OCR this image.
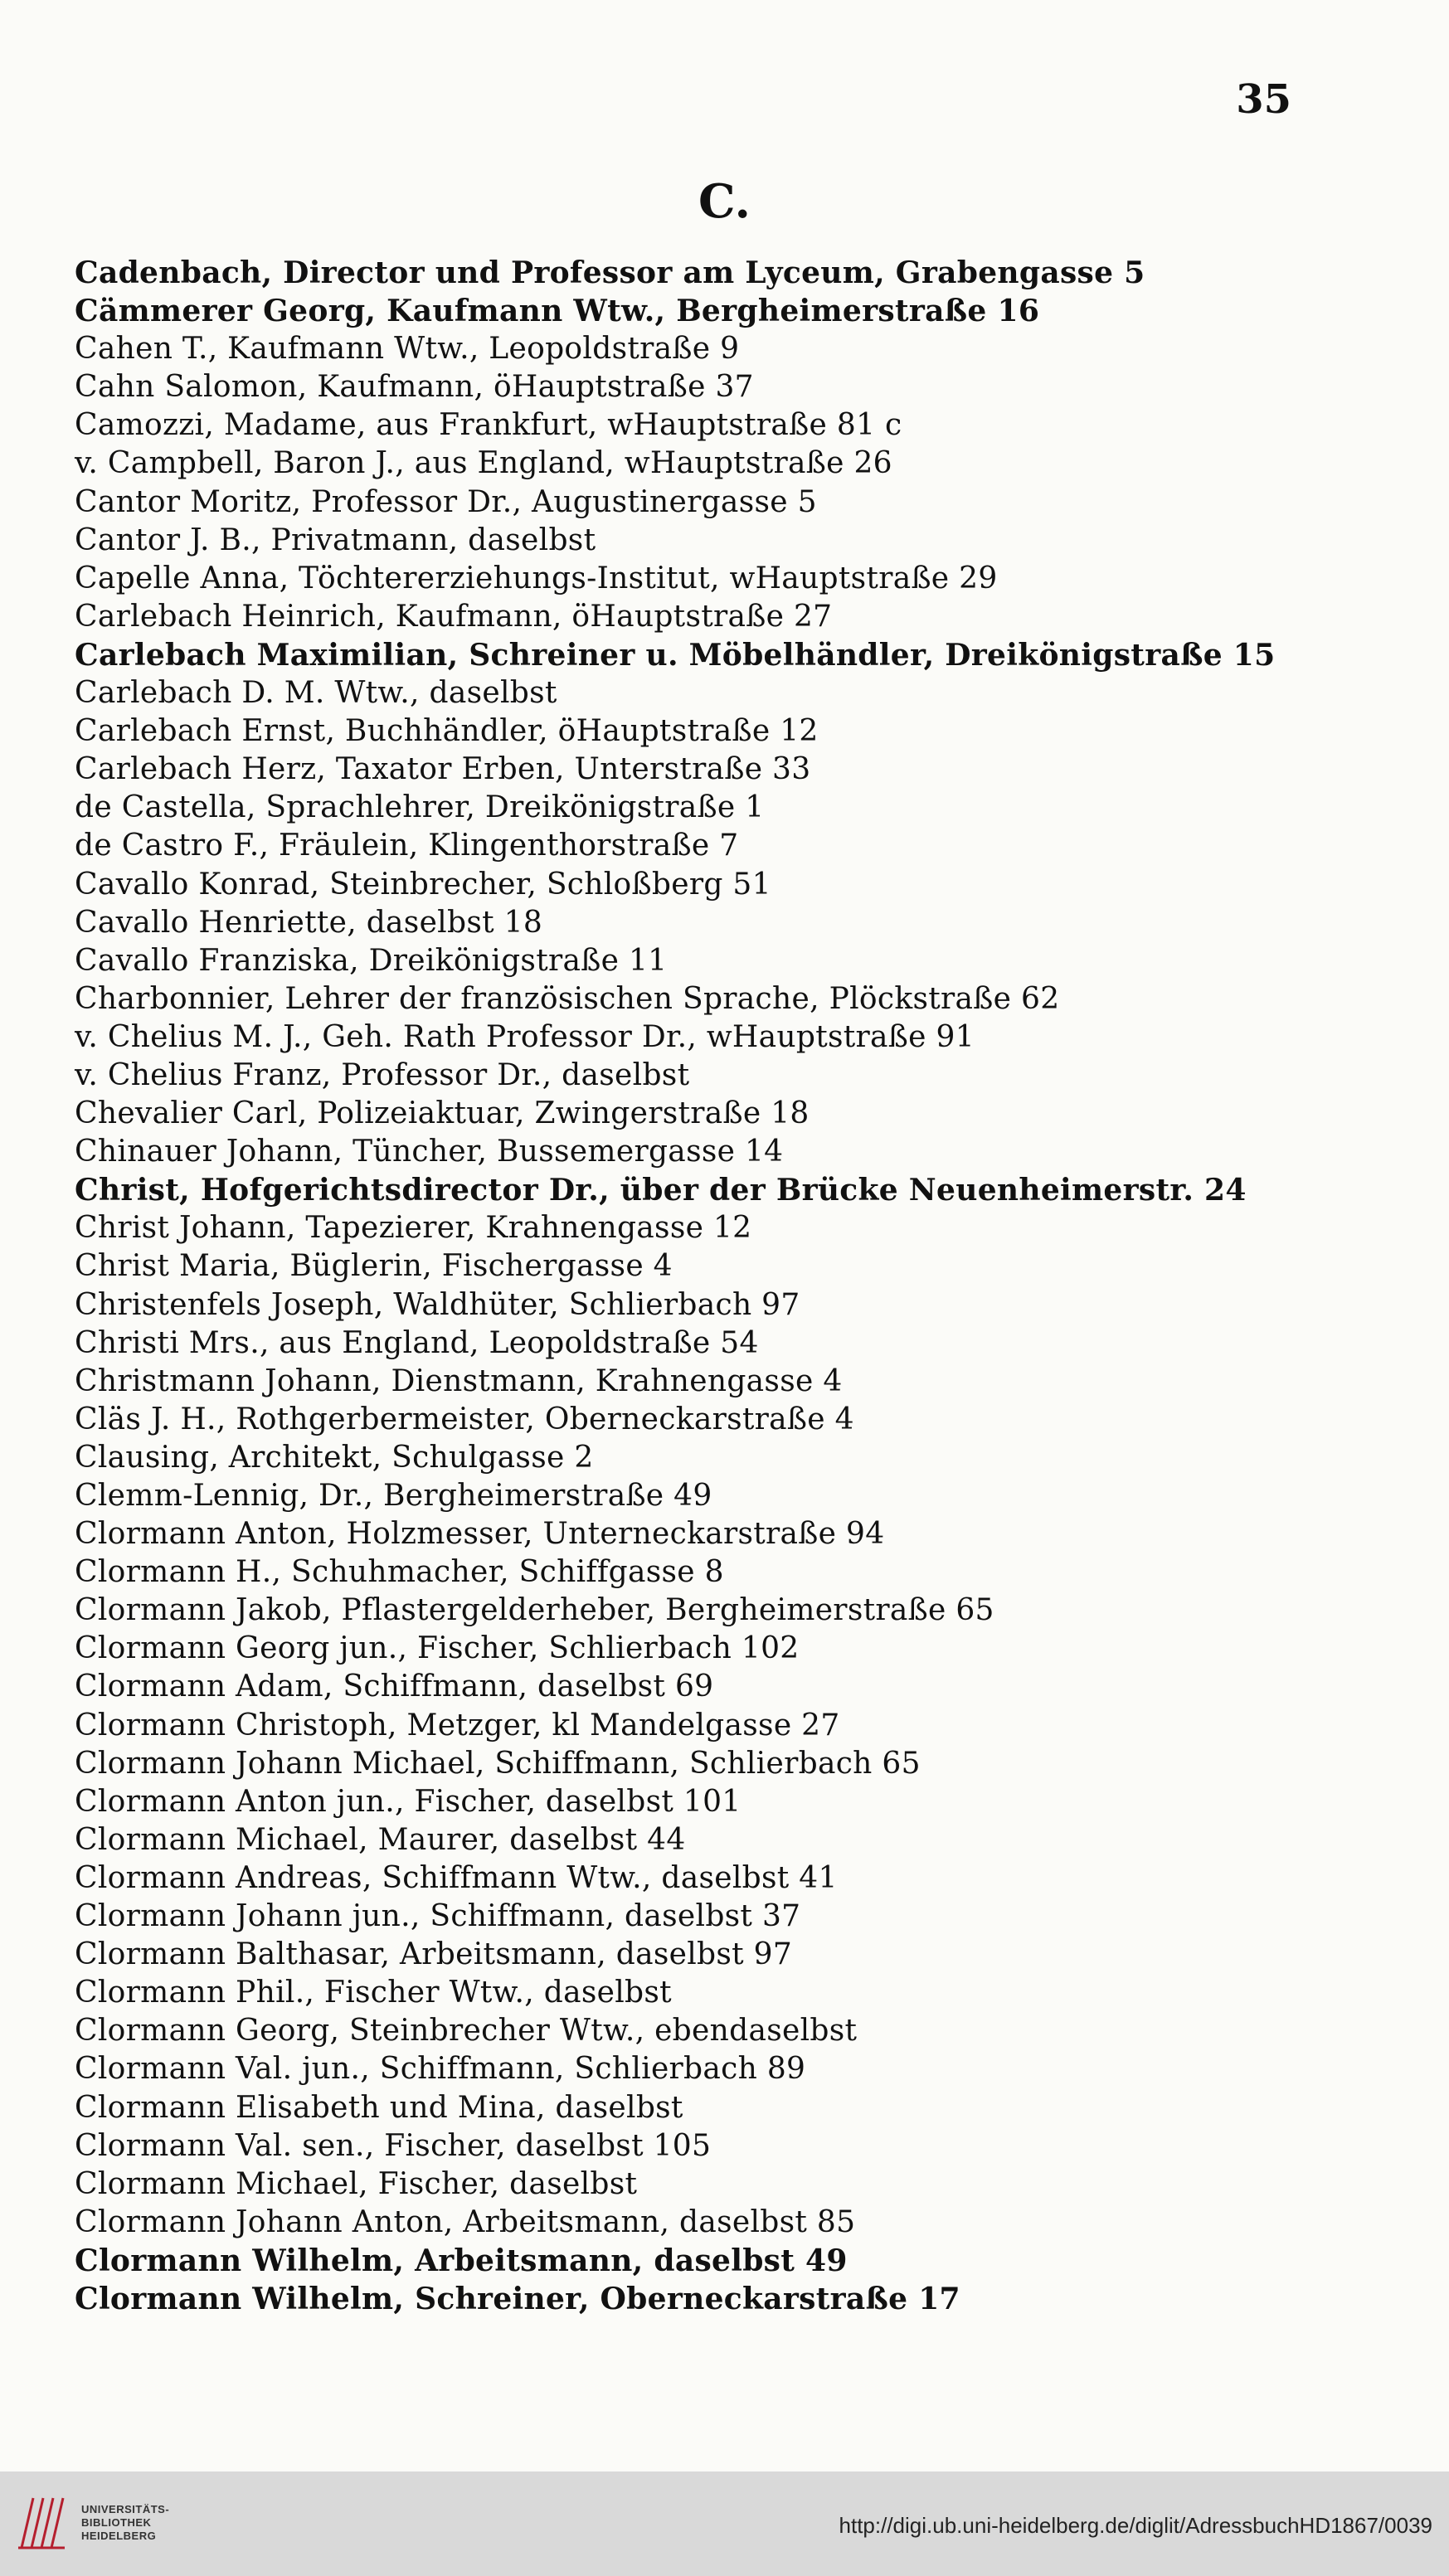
35
C.
Cadenbach, Director und Professor am Lyceum, Grabengasse 5
Cämmerer Georg, Kaufmann Wtw., Bergheimerstraße 16
Cahen T., Kaufmann Wtw., Leopoldstraße 9
Cahn Salomon, Kaufmann, öHauptstraße 37
Camozzi, Madame, aus Frankfurt, wHauptstraße 81 c
v. Campbell, Baron J., aus England, wHauptstraße 26
Cantor Moritz, Professor Dr., Augustinergasse 5
Cantor J. B., Privatmann, daselbst
Capelle Anna, Töchtererziehungs-Institut, wHauptstraße 29
Carlebach Heinrich, Kaufmann, öHauptstraße 27
Carlebach Maximilian, Schreiner u. Möbelhändler, Dreikönigstraße 15
Carlebach D. M. Wtw., daselbst
Carlebach Ernst, Buchhändler, öHauptstraße 12
Carlebach Herz, Taxator Erben, Unterstraße 33
de Castella, Sprachlehrer, Dreikönigstraße 1
de Castro F., Fräulein, Klingenthorstraße 7
Cavallo Konrad, Steinbrecher, Schloßberg 51
Cavallo Henriette, daselbst 18
Cavallo Franziska, Dreikönigstraße 11
Charbonnier, Lehrer der französischen Sprache, Plöckstraße 62
v. Chelius M. J., Geh. Rath Professor Dr., wHauptstraße 91
v. Chelius Franz, Professor Dr., daselbst
Chevalier Carl, Polizeiaktuar, Zwingerstraße 18
Chinauer Johann, Tüncher, Bussemergasse 14
Christ, Hofgerichtsdirector Dr., über der Brücke Neuenheimerstr. 24
Christ Johann, Tapezierer, Krahnengasse 12
Christ Maria, Büglerin, Fischergasse 4
Christenfels Joseph, Waldhüter, Schlierbach 97
Christi Mrs., aus England, Leopoldstraße 54
Christmann Johann, Dienstmann, Krahnengasse 4
Cläs J. H., Rothgerbermeister, Oberneckarstraße 4
Clausing, Architekt, Schulgasse 2
Clemm-Lennig, Dr., Bergheimerstraße 49
Clormann Anton, Holzmesser, Unterneckarstraße 94
Clormann H., Schuhmacher, Schiffgasse 8
Clormann Jakob, Pflastergelderheber, Bergheimerstraße 65
Clormann Georg jun., Fischer, Schlierbach 102
Clormann Adam, Schiffmann, daselbst 69
Clormann Christoph, Metzger, kl Mandelgasse 27
Clormann Johann Michael, Schiffmann, Schlierbach 65
Clormann Anton jun., Fischer, daselbst 101
Clormann Michael, Maurer, daselbst 44
Clormann Andreas, Schiffmann Wtw., daselbst 41
Clormann Johann jun., Schiffmann, daselbst 37
Clormann Balthasar, Arbeitsmann, daselbst 97
Clormann Phil., Fischer Wtw., daselbst
Clormann Georg, Steinbrecher Wtw., ebendaselbst
Clormann Val. jun., Schiffmann, Schlierbach 89
Clormann Elisabeth und Mina, daselbst
Clormann Val. sen., Fischer, daselbst 105
Clormann Michael, Fischer, daselbst
Clormann Johann Anton, Arbeitsmann, daselbst 85
Clormann Wilhelm, Arbeitsmann, daselbst 49
Clormann Wilhelm, Schreiner, Oberneckarstraße 17
UNIVERSITÄTS-
BIBLIOTHEK
HEIDELBERG	http://digi.ub.uni-heidelberg.de/diglit/AdressbuchHD1867/0039
